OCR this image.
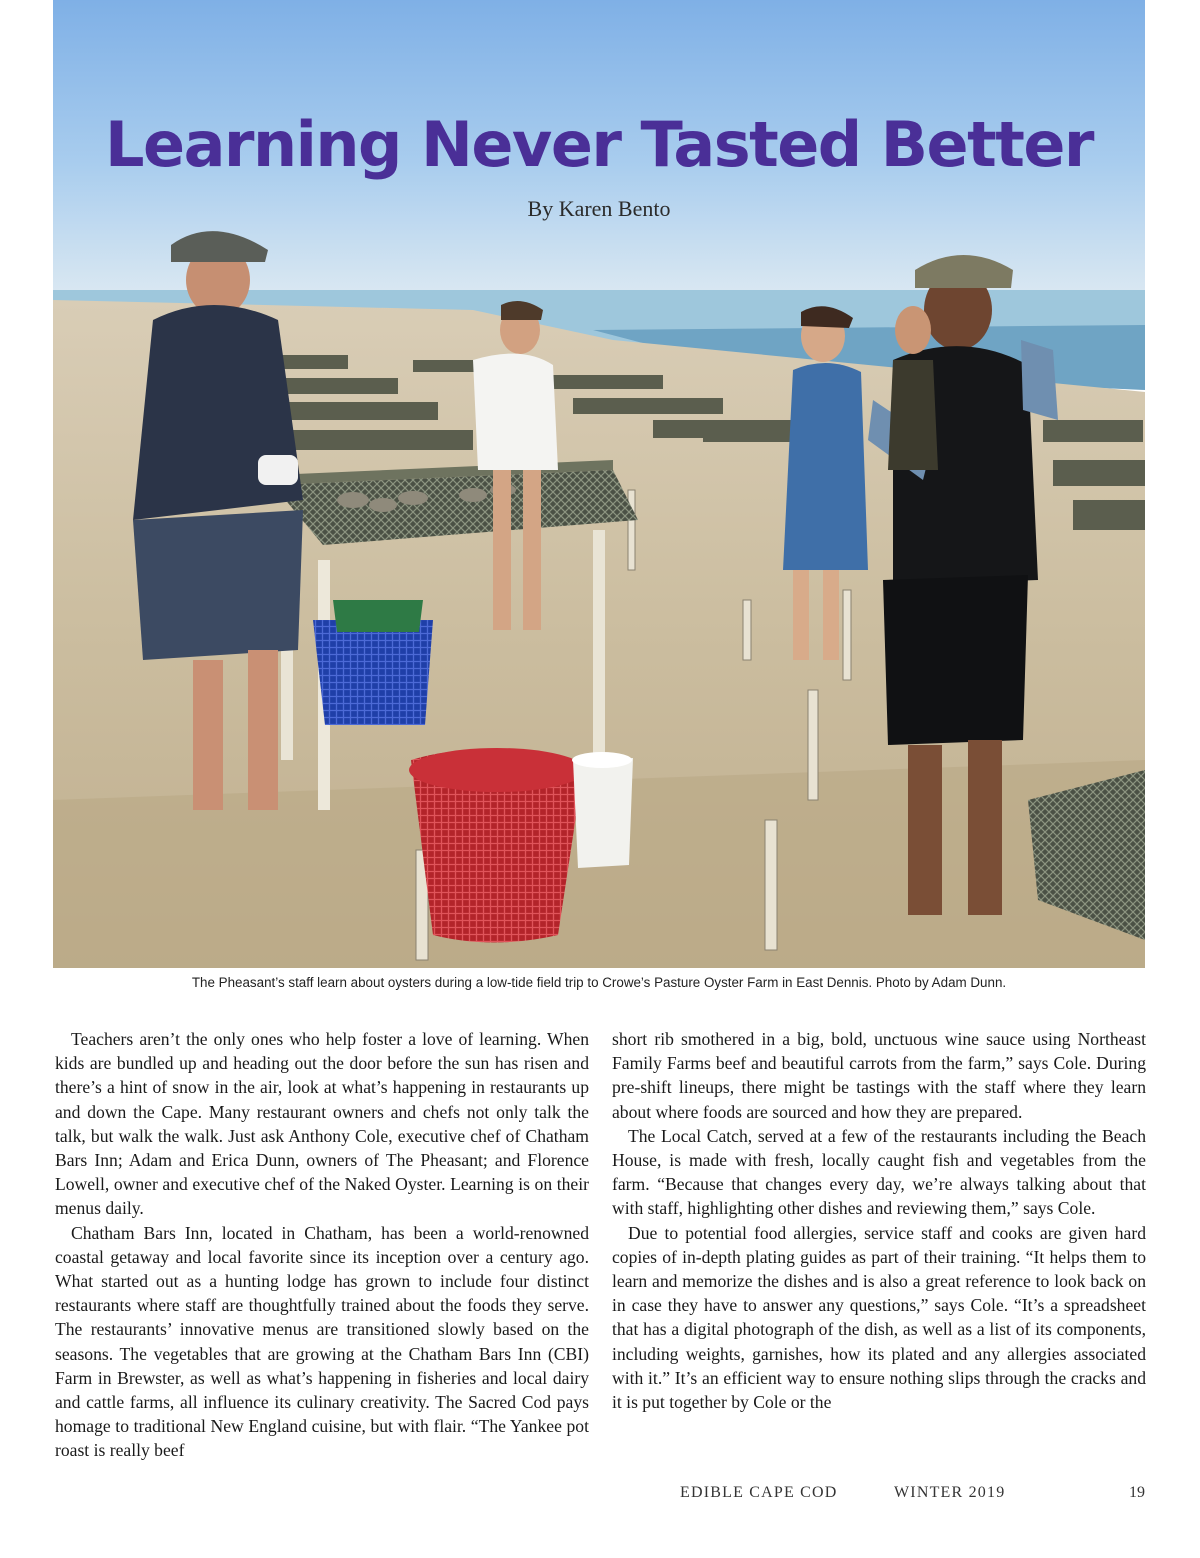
Learning Never Tasted Better

By Karen Bento

The Pheasant’s staff learn about oysters during a low-tide field trip to Crowe’s Pasture Oyster Farm in East Dennis. Photo by Adam Dunn.

Teachers aren’t the only ones who help foster a love of learning. When kids are bundled up and heading out the door before the sun has risen and there’s a hint of snow in the air, look at what’s happening in restaurants up and down the Cape. Many restaurant owners and chefs not only talk the talk, but walk the walk. Just ask Anthony Cole, executive chef of Chatham Bars Inn; Adam and Erica Dunn, owners of The Pheasant; and Florence Lowell, owner and executive chef of the Naked Oyster. Learning is on their menus daily.

Chatham Bars Inn, located in Chatham, has been a world-renowned coastal getaway and local favorite since its inception over a century ago. What started out as a hunting lodge has grown to include four distinct restaurants where staff are thoughtfully trained about the foods they serve. The restaurants’ innovative menus are transitioned slowly based on the seasons. The vegetables that are growing at the Chatham Bars Inn (CBI) Farm in Brewster, as well as what’s happening in fisheries and local dairy and cattle farms, all influence its culinary creativity. The Sacred Cod pays homage to traditional New England cuisine, but with flair. “The Yankee pot roast is really beef

short rib smothered in a big, bold, unctuous wine sauce using Northeast Family Farms beef and beautiful carrots from the farm,” says Cole. During pre-shift lineups, there might be tastings with the staff where they learn about where foods are sourced and how they are prepared.

The Local Catch, served at a few of the restaurants including the Beach House, is made with fresh, locally caught fish and vegetables from the farm. “Because that changes every day, we’re always talking about that with staff, highlighting other dishes and reviewing them,” says Cole.

Due to potential food allergies, service staff and cooks are given hard copies of in-depth plating guides as part of their training. “It helps them to learn and memorize the dishes and is also a great reference to look back on in case they have to answer any questions,” says Cole. “It’s a spreadsheet that has a digital photograph of the dish, as well as a list of its components, including weights, garnishes, how its plated and any allergies associated with it.” It’s an efficient way to ensure nothing slips through the cracks and it is put together by Cole or the

EDIBLE CAPE COD	WINTER 2019	19
